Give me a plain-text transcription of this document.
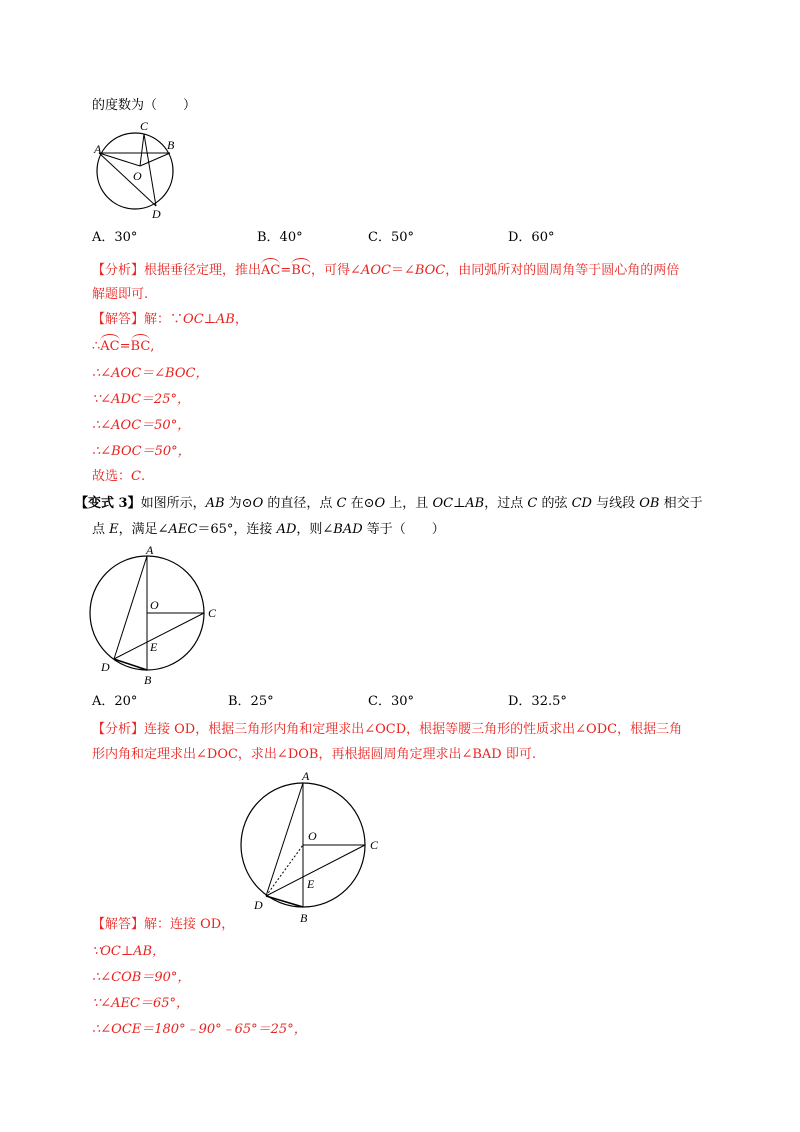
的度数为（　　）
A
C
B
O
D
A．30°	B．40°	C．50°	D．60°
【分析】根据垂径定理，推出AC=BC，可得∠AOC＝∠BOC，由同弧所对的圆周角等于圆心角的两倍
解题即可.
【解答】解：∵OC⊥AB，
∴AC=BC,
∴∠AOC＝∠BOC，
∵∠ADC＝25°，
∴∠AOC＝50°，
∴∠BOC＝50°，
故选：C.
【变式 3】如图所示，AB 为⊙O 的直径，点 C 在⊙O 上，且 OC⊥AB，过点 C 的弦 CD 与线段 OB 相交于
点 E，满足∠AEC＝65°，连接 AD，则∠BAD 等于（　　）
A
O
C
E
D
B
A．20°	B．25°	C．30°	D．32.5°
【分析】连接 OD，根据三角形内角和定理求出∠OCD，根据等腰三角形的性质求出∠ODC，根据三角
形内角和定理求出∠DOC，求出∠DOB，再根据圆周角定理求出∠BAD 即可.
A
O
C
E
D
B
【解答】解：连接 OD，
∵OC⊥AB，
∴∠COB＝90°，
∵∠AEC＝65°，
∴∠OCE＝180°﹣90°﹣65°＝25°，
